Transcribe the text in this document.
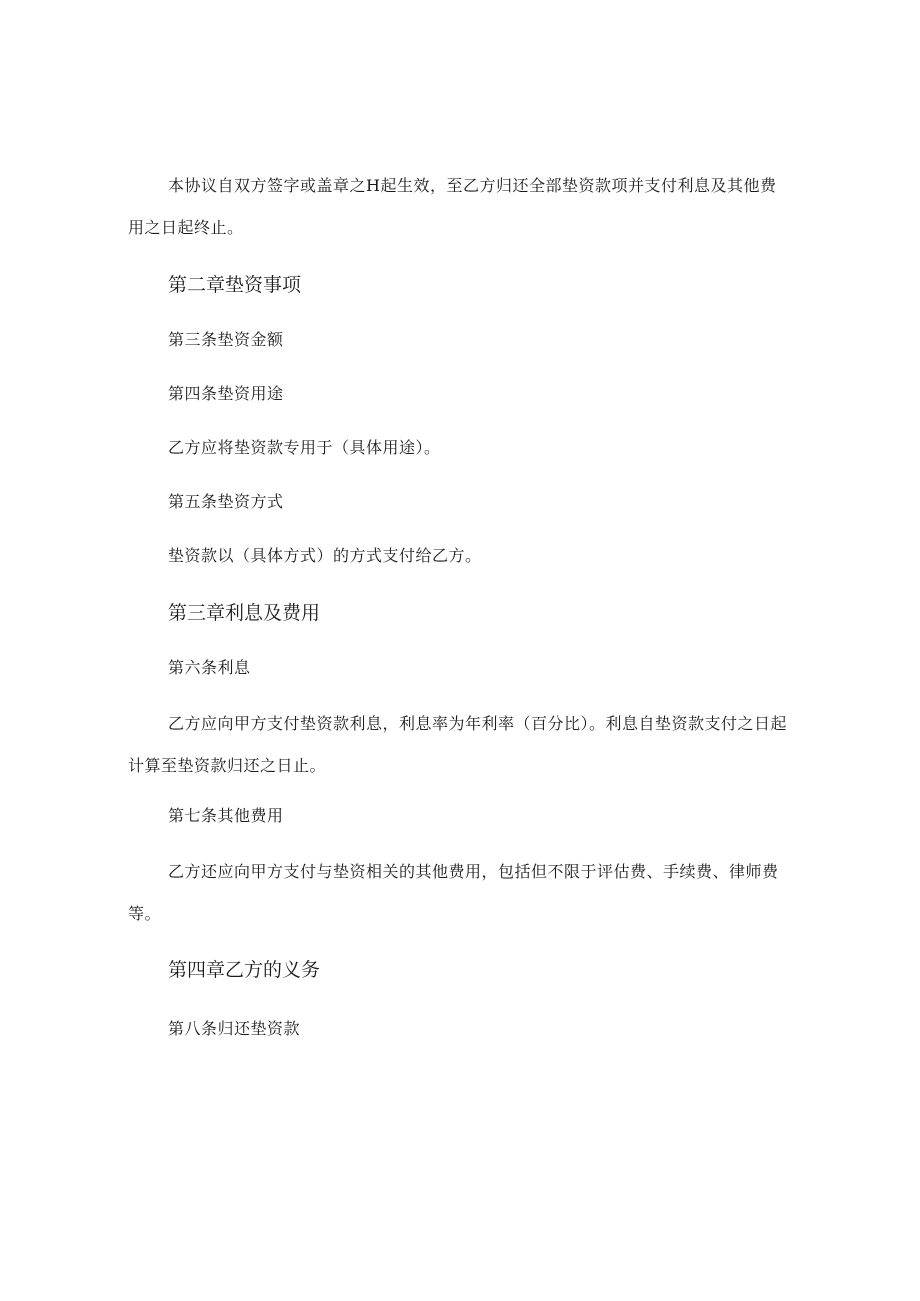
本协议自双方签字或盖章之H起生效，至乙方归还全部垫资款项并支付利息及其他费用之日起终止。

第二章垫资事项

第三条垫资金额

第四条垫资用途

乙方应将垫资款专用于（具体用途）。

第五条垫资方式

垫资款以（具体方式）的方式支付给乙方。

第三章利息及费用

第六条利息

乙方应向甲方支付垫资款利息，利息率为年利率（百分比）。利息自垫资款支付之日起计算至垫资款归还之日止。

第七条其他费用

乙方还应向甲方支付与垫资相关的其他费用，包括但不限于评估费、手续费、律师费等。

第四章乙方的义务

第八条归还垫资款
